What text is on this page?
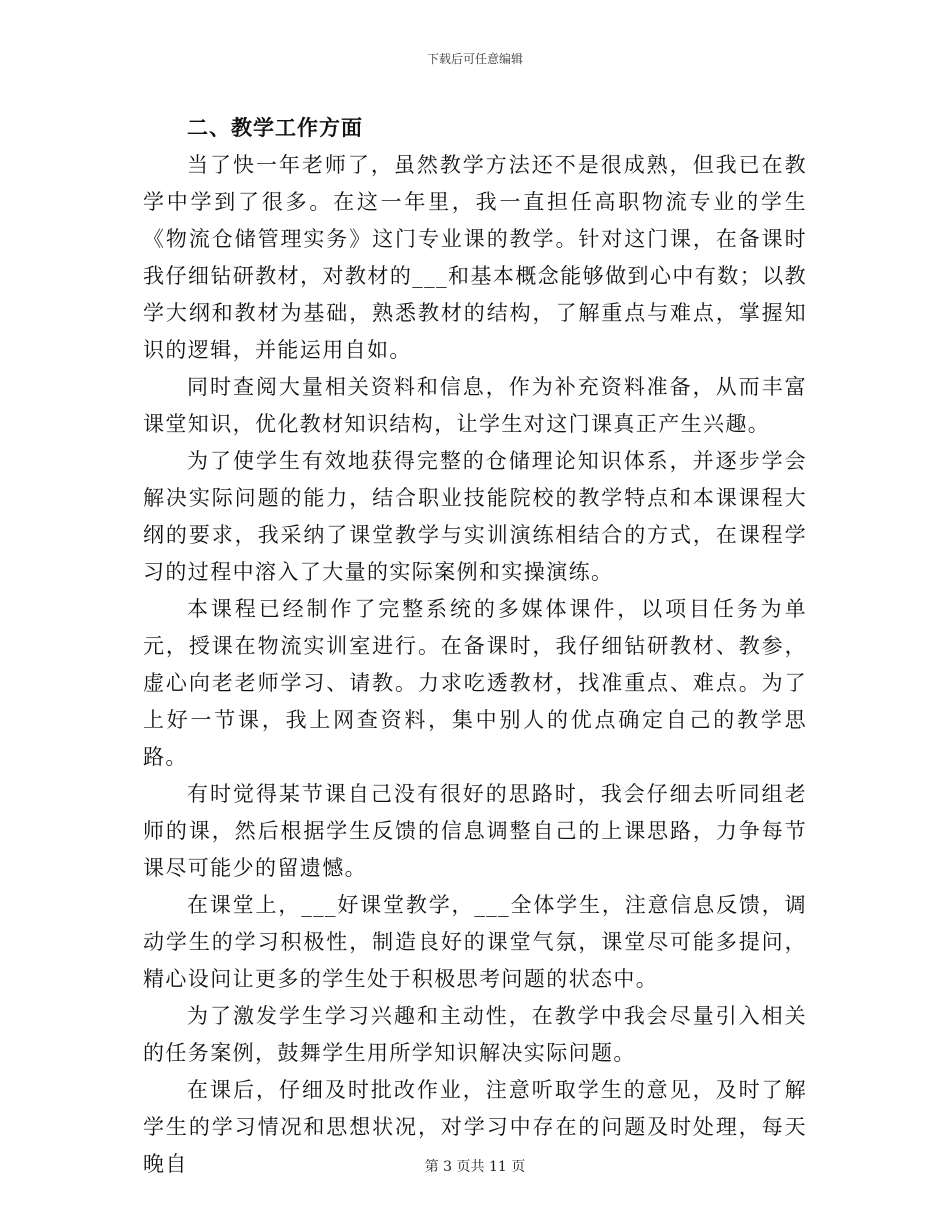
下载后可任意编辑
二、教学工作方面

当了快一年老师了，虽然教学方法还不是很成熟，但我已在教学中学到了很多。在这一年里，我一直担任高职物流专业的学生《物流仓储管理实务》这门专业课的教学。针对这门课，在备课时我仔细钻研教材，对教材的___和基本概念能够做到心中有数；以教学大纲和教材为基础，熟悉教材的结构，了解重点与难点，掌握知识的逻辑，并能运用自如。

同时查阅大量相关资料和信息，作为补充资料准备，从而丰富课堂知识，优化教材知识结构，让学生对这门课真正产生兴趣。

为了使学生有效地获得完整的仓储理论知识体系，并逐步学会解决实际问题的能力，结合职业技能院校的教学特点和本课课程大纲的要求，我采纳了课堂教学与实训演练相结合的方式，在课程学习的过程中溶入了大量的实际案例和实操演练。

本课程已经制作了完整系统的多媒体课件，以项目任务为单元，授课在物流实训室进行。在备课时，我仔细钻研教材、教参，虚心向老老师学习、请教。力求吃透教材，找准重点、难点。为了上好一节课，我上网查资料，集中别人的优点确定自己的教学思路。

有时觉得某节课自己没有很好的思路时，我会仔细去听同组老师的课，然后根据学生反馈的信息调整自己的上课思路，力争每节课尽可能少的留遗憾。

在课堂上，___好课堂教学，___全体学生，注意信息反馈，调动学生的学习积极性，制造良好的课堂气氛，课堂尽可能多提问，精心设问让更多的学生处于积极思考问题的状态中。

为了激发学生学习兴趣和主动性，在教学中我会尽量引入相关的任务案例，鼓舞学生用所学知识解决实际问题。

在课后，仔细及时批改作业，注意听取学生的意见，及时了解学生的学习情况和思想状况，对学习中存在的问题及时处理，每天晚自	第 3 页共 11 页
